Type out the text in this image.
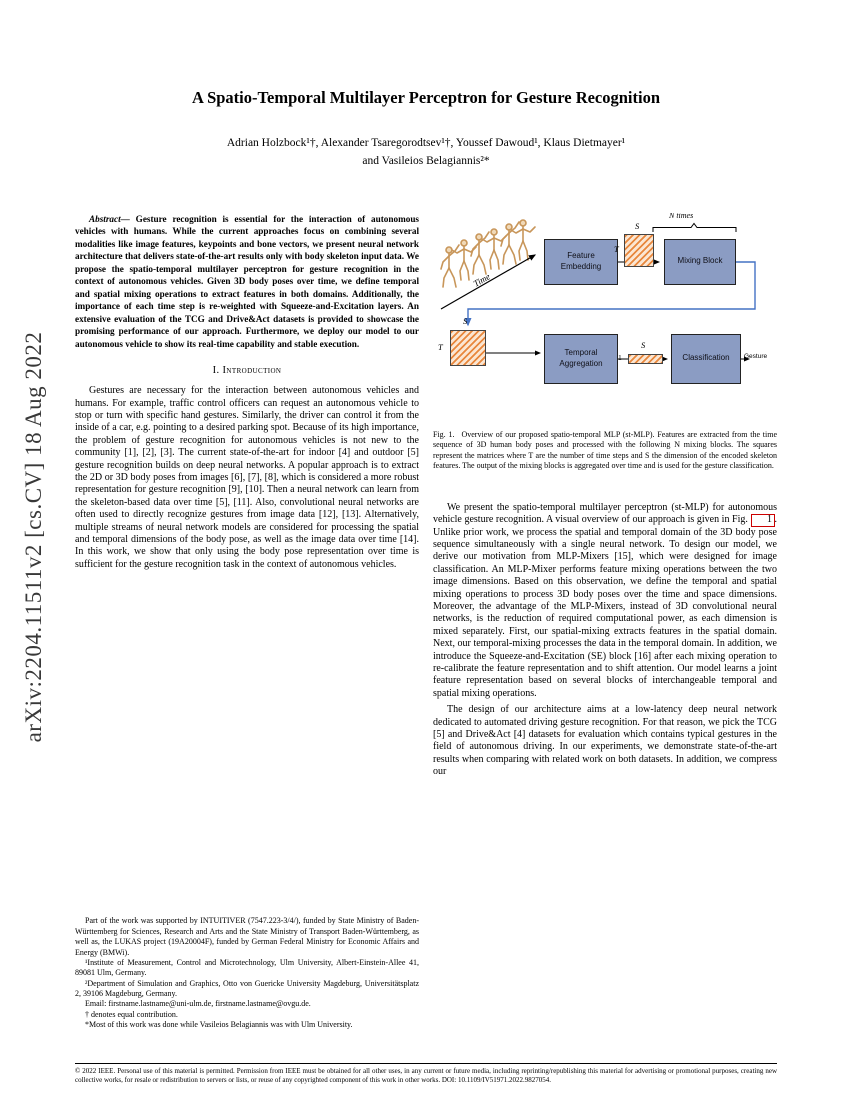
arXiv:2204.11511v2 [cs.CV] 18 Aug 2022
A Spatio-Temporal Multilayer Perceptron for Gesture Recognition
Adrian Holzbock¹†, Alexander Tsaregorodtsev¹†, Youssef Dawoud¹, Klaus Dietmayer¹
and Vasileios Belagiannis²*

Abstract— Gesture recognition is essential for the interaction of autonomous vehicles with humans. While the current approaches focus on combining several modalities like image features, keypoints and bone vectors, we present neural network architecture that delivers state-of-the-art results only with body skeleton input data. We propose the spatio-temporal multilayer perceptron for gesture recognition in the context of autonomous vehicles. Given 3D body poses over time, we define temporal and spatial mixing operations to extract features in both domains. Additionally, the importance of each time step is re-weighted with Squeeze-and-Excitation layers. An extensive evaluation of the TCG and Drive&Act datasets is provided to showcase the promising performance of our approach. Furthermore, we deploy our model to our autonomous vehicle to show its real-time capability and stable execution.

I. Introduction

Gestures are necessary for the interaction between autonomous vehicles and humans. For example, traffic control officers can request an autonomous vehicle to stop or turn with specific hand gestures. Similarly, the driver can control it from the inside of a car, e.g. pointing to a desired parking spot. Because of its high importance, the problem of gesture recognition for autonomous vehicles is not new to the community [1], [2], [3]. The current state-of-the-art for indoor [4] and outdoor [5] gesture recognition builds on deep neural networks. A popular approach is to extract the 2D or 3D body poses from images [6], [7], [8], which is considered a more robust representation for gesture recognition [9], [10]. Then a neural network can learn from the skeleton-based data over time [5], [11]. Also, convolutional neural networks are often used to directly recognize gestures from image data [12], [13]. Alternatively, multiple streams of neural network models are considered for processing the spatial and temporal dimensions of the body pose, as well as the image data over time [14]. In this work, we show that only using the body pose representation over time is sufficient for the gesture recognition task in the context of autonomous vehicles.

Part of the work was supported by INTUITIVER (7547.223-3/4/), funded by State Ministry of Baden-Württemberg for Sciences, Research and Arts and the State Ministry of Transport Baden-Württemberg, as well as, the LUKAS project (19A20004F), funded by German Federal Ministry for Economic Affairs and Energy (BMWi).

¹Institute of Measurement, Control and Microtechnology, Ulm University, Albert-Einstein-Allee 41, 89081 Ulm, Germany.

²Department of Simulation and Graphics, Otto von Guericke University Magdeburg, Universitätsplatz 2, 39106 Magdeburg, Germany.

Email: firstname.lastname@uni-ulm.de, firstname.lastname@ovgu.de.

† denotes equal contribution.

*Most of this work was done while Vasileios Belagiannis was with Ulm University.

Feature Embedding
Mixing Block
Temporal Aggregation
Classification
N times
S
T
S
T	S
1
Time
Gesture

Fig. 1. Overview of our proposed spatio-temporal MLP (st-MLP). Features are extracted from the time sequence of 3D human body poses and processed with the following N mixing blocks. The squares represent the matrices where T are the number of time steps and S the dimension of the encoded skeleton features. The output of the mixing blocks is aggregated over time and is used for the gesture classification.

We present the spatio-temporal multilayer perceptron (st-MLP) for autonomous vehicle gesture recognition. A visual overview of our approach is given in Fig. 1 . Unlike prior work, we process the spatial and temporal domain of the 3D body pose sequence simultaneously with a single neural network. To design our model, we derive our motivation from MLP-Mixers [15], which were designed for image classification. An MLP-Mixer performs feature mixing operations between the two image dimensions. Based on this observation, we define the temporal and spatial mixing operations to process 3D body poses over the time and space dimensions. Moreover, the advantage of the MLP-Mixers, instead of 3D convolutional neural networks, is the reduction of required computational power, as each dimension is mixed separately. First, our spatial-mixing extracts features in the spatial domain. Next, our temporal-mixing processes the data in the temporal domain. In addition, we introduce the Squeeze-and-Excitation (SE) block [16] after each mixing operation to re-calibrate the feature representation and to shift attention. Our model learns a joint feature representation based on several blocks of interchangeable temporal and spatial mixing operations.

The design of our architecture aims at a low-latency deep neural network dedicated to automated driving gesture recognition. For that reason, we pick the TCG [5] and Drive&Act [4] datasets for evaluation which contains typical gestures in the field of autonomous driving. In our experiments, we demonstrate state-of-the-art results when comparing with related work on both datasets. In addition, we compress our

© 2022 IEEE. Personal use of this material is permitted. Permission from IEEE must be obtained for all other uses, in any current or future media, including reprinting/republishing this material for advertising or promotional purposes, creating new collective works, for resale or redistribution to servers or lists, or reuse of any copyrighted component of this work in other works. DOI: 10.1109/IV51971.2022.9827054.
